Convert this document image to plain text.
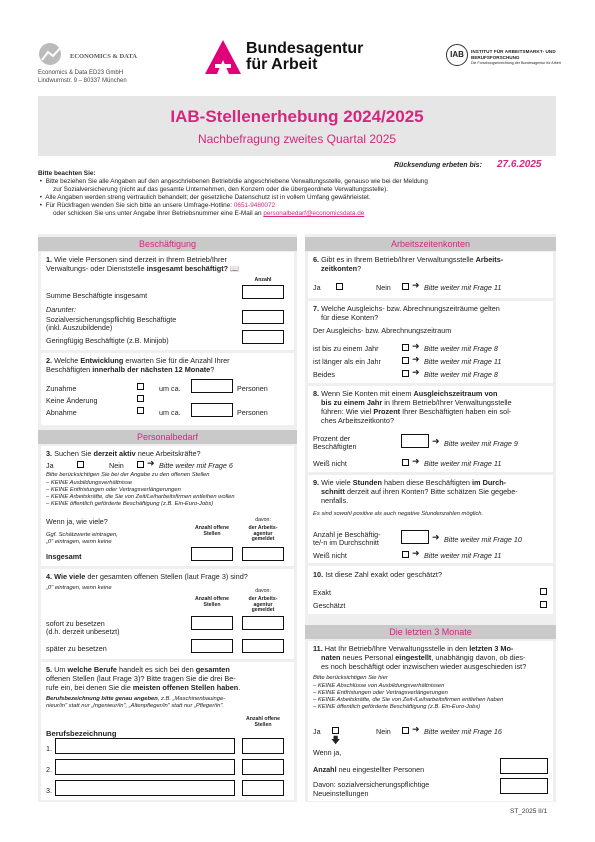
ECONOMICS & DATA
Economics & Data ED23 GmbH
Lindwurmstr. 9 – 80337 München
Bundesagentur
für Arbeit
IAB	INSTITUT FÜR ARBEITSMARKT- UND
BERUFSFORSCHUNG
Die Forschungseinrichtung der Bundesagentur für Arbeit
IAB-Stellenerhebung 2024/2025
Nachbefragung zweites Quartal 2025
Rücksendung erbeten bis: 27.6.2025
Bitte beachten Sie:
•  Bitte beziehen Sie alle Angaben auf den angeschriebenen Betrieb/die angeschriebene Verwaltungsstelle, genauso wie bei der Meldung
zur Sozialversicherung (nicht auf das gesamte Unternehmen, den Konzern oder die übergeordnete Verwaltungsstelle).
•  Alle Angaben werden streng vertraulich behandelt; der gesetzliche Datenschutz ist in vollem Umfang gewährleistet.
•  Für Rückfragen wenden Sie sich bitte an unsere Umfrage-Hotline: 0651-9480072
oder schicken Sie uns unter Angabe Ihrer Betriebsnummer eine E-Mail an personalbedarf@economicsdata.de
Beschäftigung
1. Wie viele Personen sind derzeit in Ihrem Betrieb/Ihrer
Verwaltungs- oder Dienststelle insgesamt beschäftigt? 📖
Anzahl
Summe Beschäftigte insgesamt
Darunter:
Sozialversicherungspflichtig Beschäftigte
(inkl. Auszubildende)
Geringfügig Beschäftigte (z.B. Minijob)
2. Welche Entwicklung erwarten Sie für die Anzahl Ihrer
Beschäftigten innerhalb der nächsten 12 Monate?
Zunahme	um ca.	Personen
Keine Änderung
Abnahme	um ca.	Personen
Personalbedarf
3. Suchen Sie derzeit aktiv neue Arbeitskräfte?
Ja	Nein	➜ Bitte weiter mit Frage 6
Bitte berücksichtigen Sie bei der Angabe zu den offenen Stellen
– KEINE Ausbildungsverhältnisse
– KEINE Entfristungen oder Vertragsverlängerungen
– KEINE Arbeitskräfte, die Sie von Zeit/Leiharbeitsfirmen entleihen wollen
– KEINE öffentlich geförderte Beschäftigung (z.B. Ein-Euro-Jobs)
Wenn ja, wie viele?
Anzahl offene Stellen
davon:
der Arbeits-agentur gemeldet
Ggf. Schätzwerte eintragen,
„0" eintragen, wenn keine
Insgesamt
4. Wie viele der gesamten offenen Stellen (laut Frage 3) sind?
„0" eintragen, wenn keine
Anzahl offene Stellen
davon:
der Arbeits-agentur gemeldet
sofort zu besetzen
(d.h. derzeit unbesetzt)
später zu besetzen
5. Um welche Berufe handelt es sich bei den gesamten
offenen Stellen (laut Frage 3)? Bitte tragen Sie die drei Be-
rufe ein, bei denen Sie die meisten offenen Stellen haben.
Berufsbezeichnung bitte genau angeben, z.B. „Maschinenbauinge-
nieur/in" statt nur „Ingenieur/in", „Altenpfleger/in" statt nur „Pfleger/in".
Anzahl offene Stellen
Berufsbezeichnung
1.
2.
3.
Arbeitszeitenkonten
6. Gibt es in Ihrem Betrieb/Ihrer Verwaltungsstelle Arbeits-
zeitkonten?
Ja	Nein ➜ Bitte weiter mit Frage 11
7. Welche Ausgleichs- bzw. Abrechnungszeiträume gelten
für diese Konten?
Der Ausgleichs- bzw. Abrechnungszeitraum
ist bis zu einem Jahr	➜ Bitte weiter mit Frage 8
ist länger als ein Jahr	➜ Bitte weiter mit Frage 11
Beides	➜ Bitte weiter mit Frage 8
8. Wenn Sie Konten mit einem Ausgleichszeitraum von
bis zu einem Jahr in Ihrem Betrieb/Ihrer Verwaltungsstelle
führen: Wie viel Prozent Ihrer Beschäftigten haben ein sol-
ches Arbeitszeitkonto?
Prozent der
Beschäftigten
➜ Bitte weiter mit Frage 9
Weiß nicht	➜ Bitte weiter mit Frage 11
9. Wie viele Stunden haben diese Beschäftigten im Durch-
schnitt derzeit auf ihren Konten? Bitte schätzen Sie gegebe-
nenfalls.
Es sind sowohl positive als auch negative Stundenzahlen möglich.
Anzahl je Beschäftig-
te/-n im Durchschnitt
➜ Bitte weiter mit Frage 10
Weiß nicht	➜ Bitte weiter mit Frage 11
10. Ist diese Zahl exakt oder geschätzt?
Exakt
Geschätzt
Die letzten 3 Monate
11. Hat Ihr Betrieb/Ihre Verwaltungsstelle in den letzten 3 Mo-
naten neues Personal eingestellt, unabhängig davon, ob dies-
es noch beschäftigt oder inzwischen wieder ausgeschieden ist?
Bitte berücksichtigen Sie hier
– KEINE Abschlüsse von Ausbildungsverhältnissen
– KEINE Entfristungen oder Vertragsverlängerungen
– KEINE Arbeitskräfte, die Sie von Zeit-/Leiharbeitsfirmen entliehen haben
– KEINE öffentlich geförderte Beschäftigung (z.B. Ein-Euro-Jobs)
Ja
🡇
Nein ➜ Bitte weiter mit Frage 16
Wenn ja,
Anzahl neu eingestellter Personen
Davon: sozialversicherungspflichtige
Neueinstellungen
ST_2025 II/1
